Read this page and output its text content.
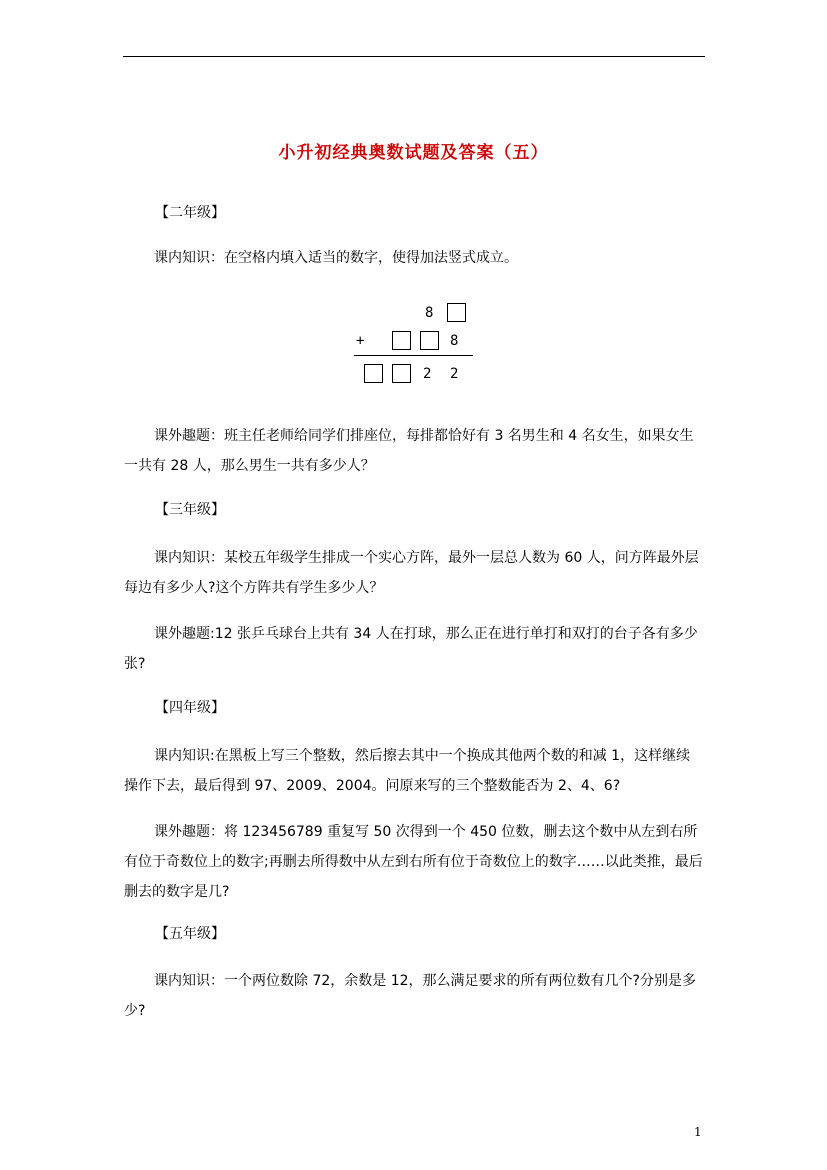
小升初经典奥数试题及答案（五）
【二年级】
课内知识：在空格内填入适当的数字，使得加法竖式成立。
8
+	8
2 2
课外趣题：班主任老师给同学们排座位，每排都恰好有 3 名男生和 4 名女生，如果女生一共有 28 人，那么男生一共有多少人？
【三年级】
课内知识：某校五年级学生排成一个实心方阵，最外一层总人数为 60 人，问方阵最外层每边有多少人?这个方阵共有学生多少人？
课外趣题:12 张乒乓球台上共有 34 人在打球，那么正在进行单打和双打的台子各有多少张?
【四年级】
课内知识:在黑板上写三个整数，然后擦去其中一个换成其他两个数的和减 1，这样继续操作下去，最后得到 97、2009、2004。问原来写的三个整数能否为 2、4、6?
课外趣题：将 123456789 重复写 50 次得到一个 450 位数，删去这个数中从左到右所有位于奇数位上的数字;再删去所得数中从左到右所有位于奇数位上的数字……以此类推，最后删去的数字是几?
【五年级】
课内知识：一个两位数除 72，余数是 12，那么满足要求的所有两位数有几个?分别是多少?
1
